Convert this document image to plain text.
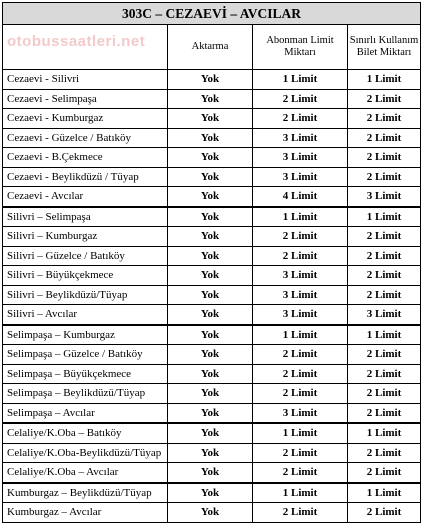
303C – CEZAEVİ – AVCILAR			

otobussaatleri.net	Aktarma	Abonman Limit Miktarı	Sınırlı Kullanım Bilet Miktarı
Cezaevi - Silivri	Yok	1 Limit	1 Limit
Cezaevi - Selimpaşa	Yok	2 Limit	2 Limit
Cezaevi - Kumburgaz	Yok	2 Limit	2 Limit
Cezaevi - Güzelce / Batıköy	Yok	3 Limit	2 Limit
Cezaevi - B.Çekmece	Yok	3 Limit	2 Limit
Cezaevi - Beylikdüzü / Tüyap	Yok	3 Limit	2 Limit
Cezaevi - Avcılar	Yok	4 Limit	3 Limit
Silivri – Selimpaşa	Yok	1 Limit	1 Limit
Silivri – Kumburgaz	Yok	2 Limit	2 Limit
Silivri – Güzelce / Batıköy	Yok	2 Limit	2 Limit
Silivri – Büyükçekmece	Yok	3 Limit	2 Limit
Silivri – Beylikdüzü/Tüyap	Yok	3 Limit	2 Limit
Silivri – Avcılar	Yok	3 Limit	3 Limit
Selimpaşa – Kumburgaz	Yok	1 Limit	1 Limit
Selimpaşa – Güzelce / Batıköy	Yok	2 Limit	2 Limit
Selimpaşa – Büyükçekmece	Yok	2 Limit	2 Limit
Selimpaşa – Beylikdüzü/Tüyap	Yok	2 Limit	2 Limit
Selimpaşa – Avcılar	Yok	3 Limit	2 Limit
Celaliye/K.Oba – Batıköy	Yok	1 Limit	1 Limit
Celaliye/K.Oba-Beylikdüzü/Tüyap	Yok	2 Limit	2 Limit
Celaliye/K.Oba – Avcılar	Yok	2 Limit	2 Limit
Kumburgaz – Beylikdüzü/Tüyap	Yok	1 Limit	1 Limit
Kumburgaz – Avcılar	Yok	2 Limit	2 Limit
